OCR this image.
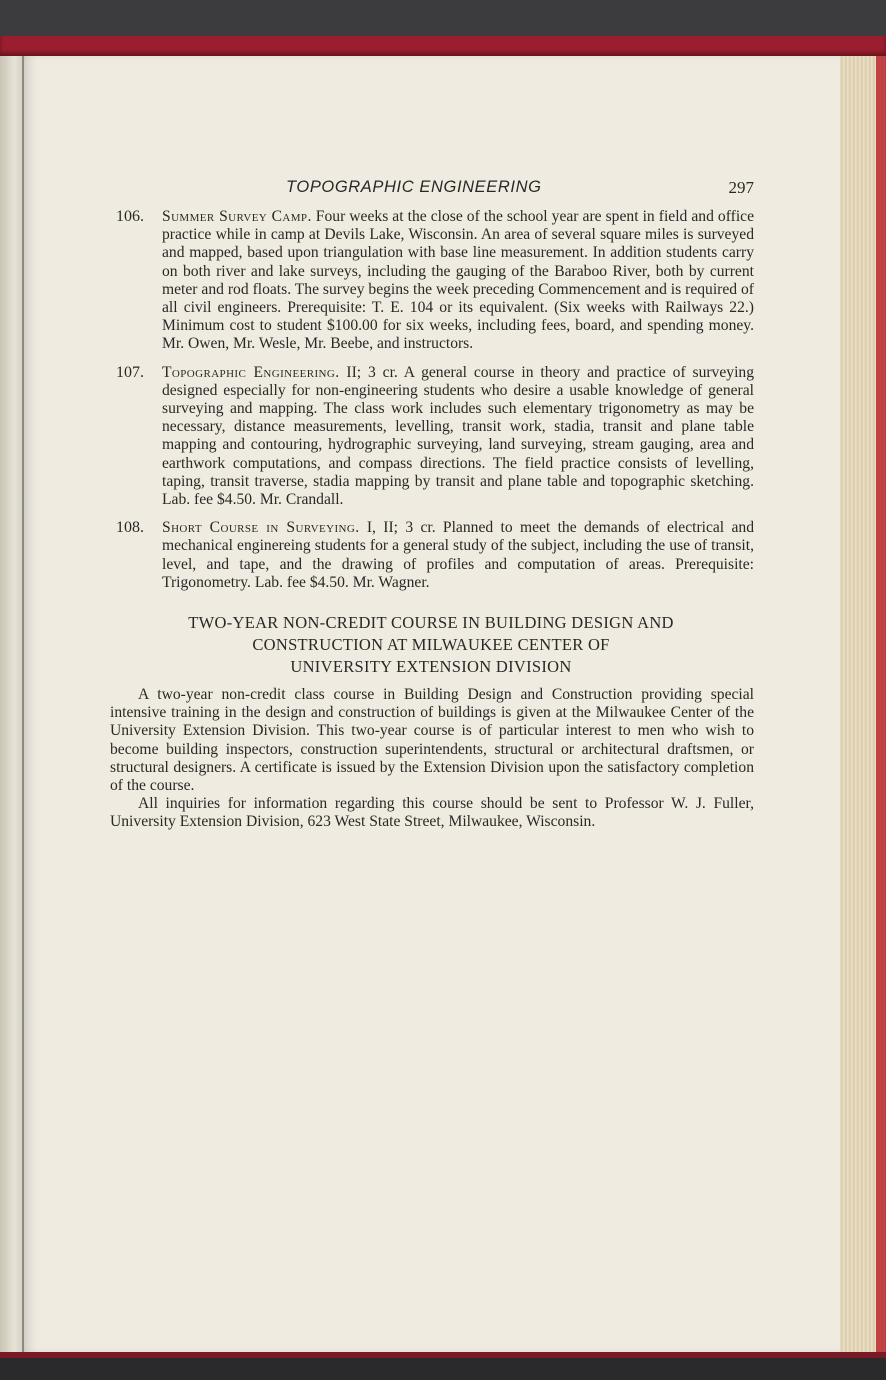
TOPOGRAPHIC ENGINEERING	297
106. Summer Survey Camp. Four weeks at the close of the school year are spent in field and office practice while in camp at Devils Lake, Wisconsin. An area of several square miles is surveyed and mapped, based upon triangulation with base line measurement. In addition students carry on both river and lake surveys, including the gauging of the Baraboo River, both by current meter and rod floats. The survey begins the week preceding Commencement and is required of all civil engineers. Prerequisite: T. E. 104 or its equivalent. (Six weeks with Railways 22.) Minimum cost to student $100.00 for six weeks, including fees, board, and spending money. Mr. Owen, Mr. Wesle, Mr. Beebe, and instructors.

107. Topographic Engineering. II; 3 cr. A general course in theory and practice of surveying designed especially for non-engineering students who desire a usable knowledge of general surveying and mapping. The class work includes such elementary trigonometry as may be necessary, distance measurements, levelling, transit work, stadia, transit and plane table mapping and contouring, hydrographic surveying, land surveying, stream gauging, area and earthwork computations, and compass directions. The field practice consists of levelling, taping, transit traverse, stadia mapping by transit and plane table and topographic sketching. Lab. fee $4.50. Mr. Crandall.

108. Short Course in Surveying. I, II; 3 cr. Planned to meet the demands of electrical and mechanical enginereing students for a general study of the subject, including the use of transit, level, and tape, and the drawing of profiles and computation of areas. Prerequisite: Trigonometry. Lab. fee $4.50. Mr. Wagner.

TWO-YEAR NON-CREDIT COURSE IN BUILDING DESIGN AND
CONSTRUCTION AT MILWAUKEE CENTER OF
UNIVERSITY EXTENSION DIVISION

A two-year non-credit class course in Building Design and Construction providing special intensive training in the design and construction of buildings is given at the Milwaukee Center of the University Extension Division. This two-year course is of particular interest to men who wish to become building inspectors, construction superintendents, structural or architectural draftsmen, or structural designers. A certificate is issued by the Extension Division upon the satisfactory completion of the course.

All inquiries for information regarding this course should be sent to Professor W. J. Fuller, University Extension Division, 623 West State Street, Milwaukee, Wisconsin.
